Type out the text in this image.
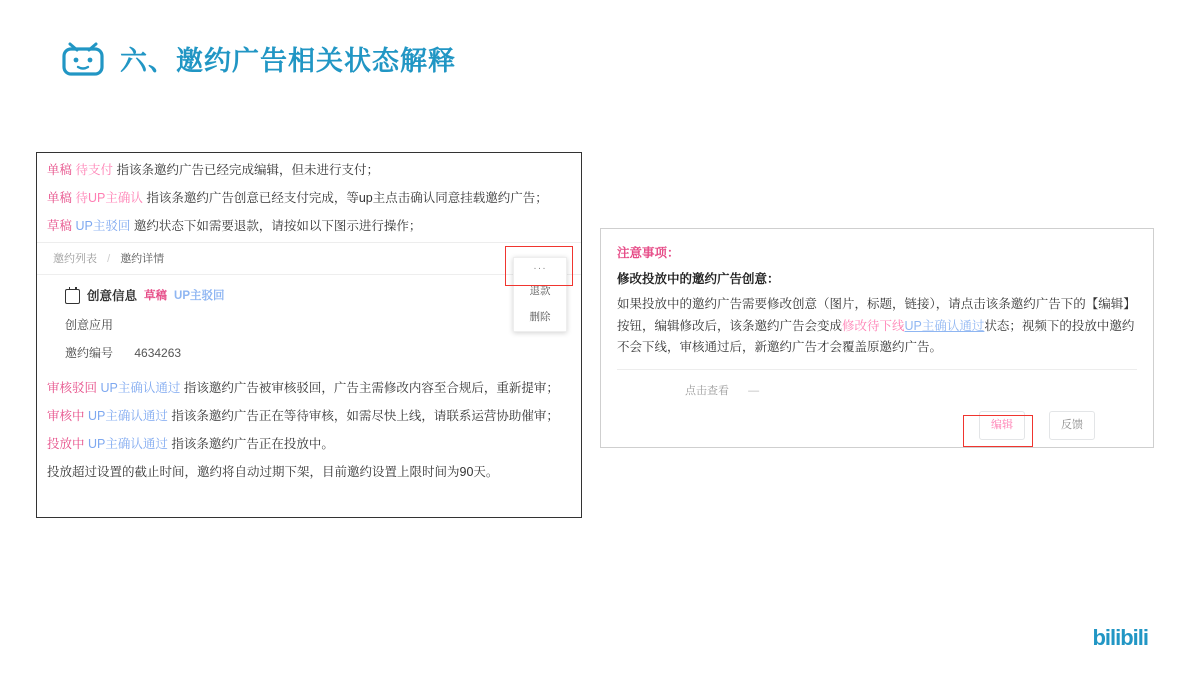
六、邀约广告相关状态解释

单稿 待支付 指该条邀约广告已经完成编辑，但未进行支付；

单稿 待UP主确认 指该条邀约广告创意已经支付完成，等up主点击确认同意挂载邀约广告；

草稿 UP主驳回 邀约状态下如需要退款，请按如以下图示进行操作；

邀约列表 / 邀约详情
创意信息 草稿 UP主驳回
创意应用
邀约编号 4634263
···
退款
删除

审核驳回 UP主确认通过 指该邀约广告被审核驳回，广告主需修改内容至合规后，重新提审；

审核中 UP主确认通过 指该条邀约广告正在等待审核，如需尽快上线，请联系运营协助催审；

投放中 UP主确认通过 指该条邀约广告正在投放中。

投放超过设置的截止时间，邀约将自动过期下架，目前邀约设置上限时间为90天。

注意事项：
修改投放中的邀约广告创意：
如果投放中的邀约广告需要修改创意（图片，标题，链接），请点击该条邀约广告下的【编辑】按钮，编辑修改后，该条邀约广告会变成修改待下线UP主确认通过状态；视频下的投放中邀约不会下线，审核通过后，新邀约广告才会覆盖原邀约广告。
点击查看 —
编辑	反馈
bilibili
